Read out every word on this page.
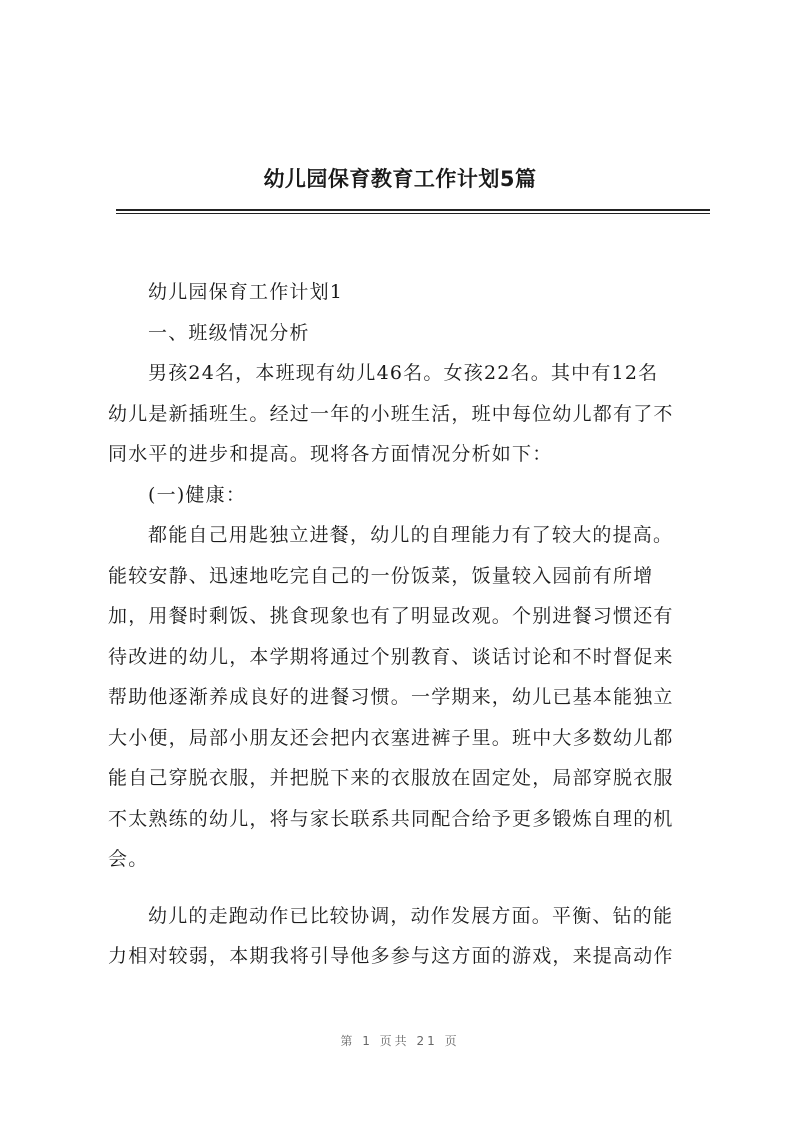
幼儿园保育教育工作计划5篇
幼儿园保育工作计划1
一、班级情况分析
男孩24名，本班现有幼儿46名。女孩22名。其中有12名
幼儿是新插班生。经过一年的小班生活，班中每位幼儿都有了不
同水平的进步和提高。现将各方面情况分析如下：
(一)健康：
都能自己用匙独立进餐，幼儿的自理能力有了较大的提高。
能较安静、迅速地吃完自己的一份饭菜，饭量较入园前有所增
加，用餐时剩饭、挑食现象也有了明显改观。个别进餐习惯还有
待改进的幼儿，本学期将通过个别教育、谈话讨论和不时督促来
帮助他逐渐养成良好的进餐习惯。一学期来，幼儿已基本能独立
大小便，局部小朋友还会把内衣塞进裤子里。班中大多数幼儿都
能自己穿脱衣服，并把脱下来的衣服放在固定处，局部穿脱衣服
不太熟练的幼儿，将与家长联系共同配合给予更多锻炼自理的机
会。
幼儿的走跑动作已比较协调，动作发展方面。平衡、钻的能
力相对较弱，本期我将引导他多参与这方面的游戏，来提高动作
第 1 页共 21 页
